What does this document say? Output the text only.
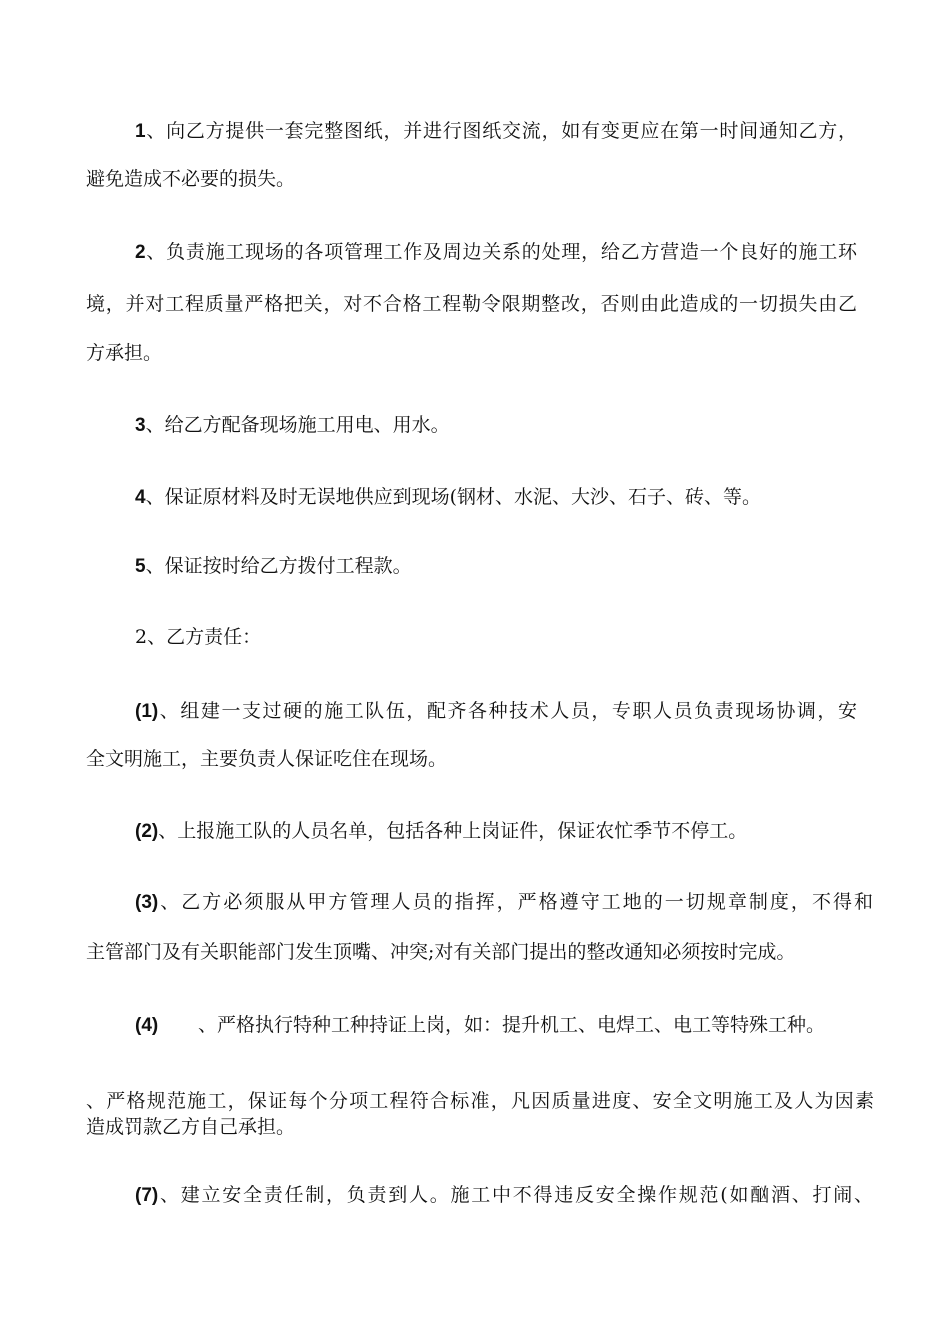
1、向乙方提供一套完整图纸，并进行图纸交流，如有变更应在第一时间通知乙方，
避免造成不必要的损失。
2、负责施工现场的各项管理工作及周边关系的处理，给乙方营造一个良好的施工环
境，并对工程质量严格把关，对不合格工程勒令限期整改，否则由此造成的一切损失由乙
方承担。
3、给乙方配备现场施工用电、用水。
4、保证原材料及时无误地供应到现场(钢材、水泥、大沙、石子、砖、等。
5、保证按时给乙方拨付工程款。
2、乙方责任：
(1)、组建一支过硬的施工队伍，配齐各种技术人员，专职人员负责现场协调，安
全文明施工，主要负责人保证吃住在现场。
(2)、上报施工队的人员名单，包括各种上岗证件，保证农忙季节不停工。
(3)、乙方必须服从甲方管理人员的指挥，严格遵守工地的一切规章制度，不得和
主管部门及有关职能部门发生顶嘴、冲突;对有关部门提出的整改通知必须按时完成。
(4) 、严格执行特种工种持证上岗，如：提升机工、电焊工、电工等特殊工种。
、严格规范施工，保证每个分项工程符合标准，凡因质量进度、安全文明施工及人为因素
造成罚款乙方自己承担。
(7)、建立安全责任制，负责到人。施工中不得违反安全操作规范(如酗酒、打闹、
